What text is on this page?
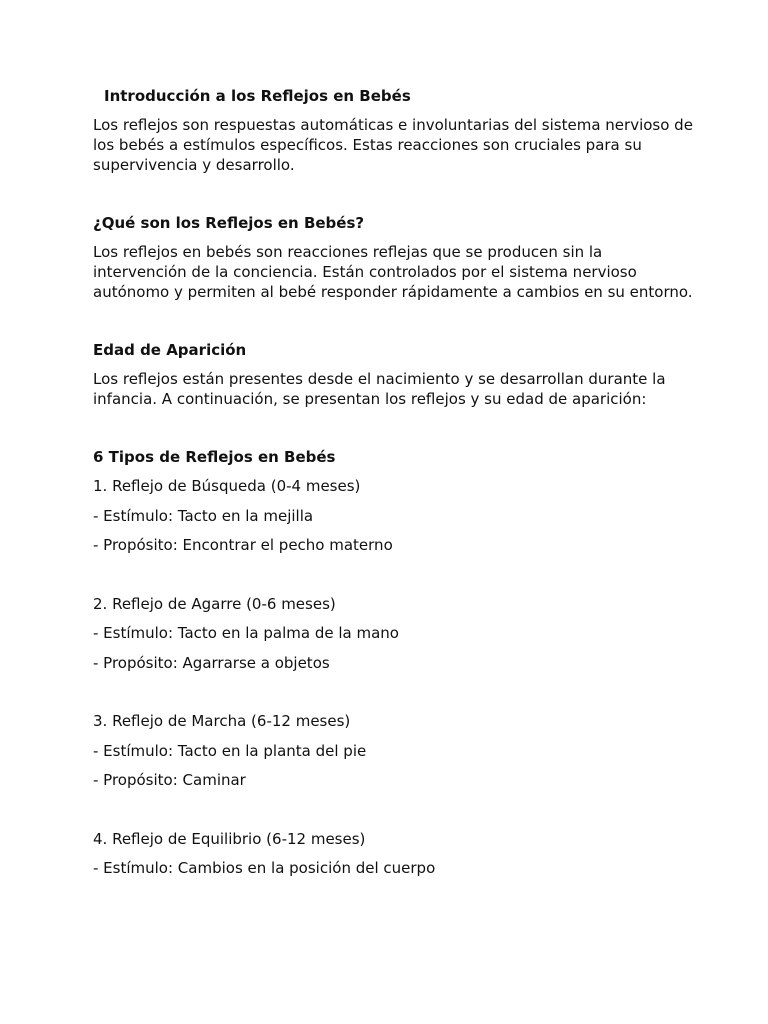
Introducción a los Reflejos en Bebés

Los reflejos son respuestas automáticas e involuntarias del sistema nervioso de los bebés a estímulos específicos. Estas reacciones son cruciales para su supervivencia y desarrollo.

¿Qué son los Reflejos en Bebés?

Los reflejos en bebés son reacciones reflejas que se producen sin la intervención de la conciencia. Están controlados por el sistema nervioso autónomo y permiten al bebé responder rápidamente a cambios en su entorno.

Edad de Aparición

Los reflejos están presentes desde el nacimiento y se desarrollan durante la infancia. A continuación, se presentan los reflejos y su edad de aparición:

6 Tipos de Reflejos en Bebés
1. Reflejo de Búsqueda (0-4 meses)
- Estímulo: Tacto en la mejilla
- Propósito: Encontrar el pecho materno
2. Reflejo de Agarre (0-6 meses)
- Estímulo: Tacto en la palma de la mano
- Propósito: Agarrarse a objetos
3. Reflejo de Marcha (6-12 meses)
- Estímulo: Tacto en la planta del pie
- Propósito: Caminar
4. Reflejo de Equilibrio (6-12 meses)
- Estímulo: Cambios en la posición del cuerpo
